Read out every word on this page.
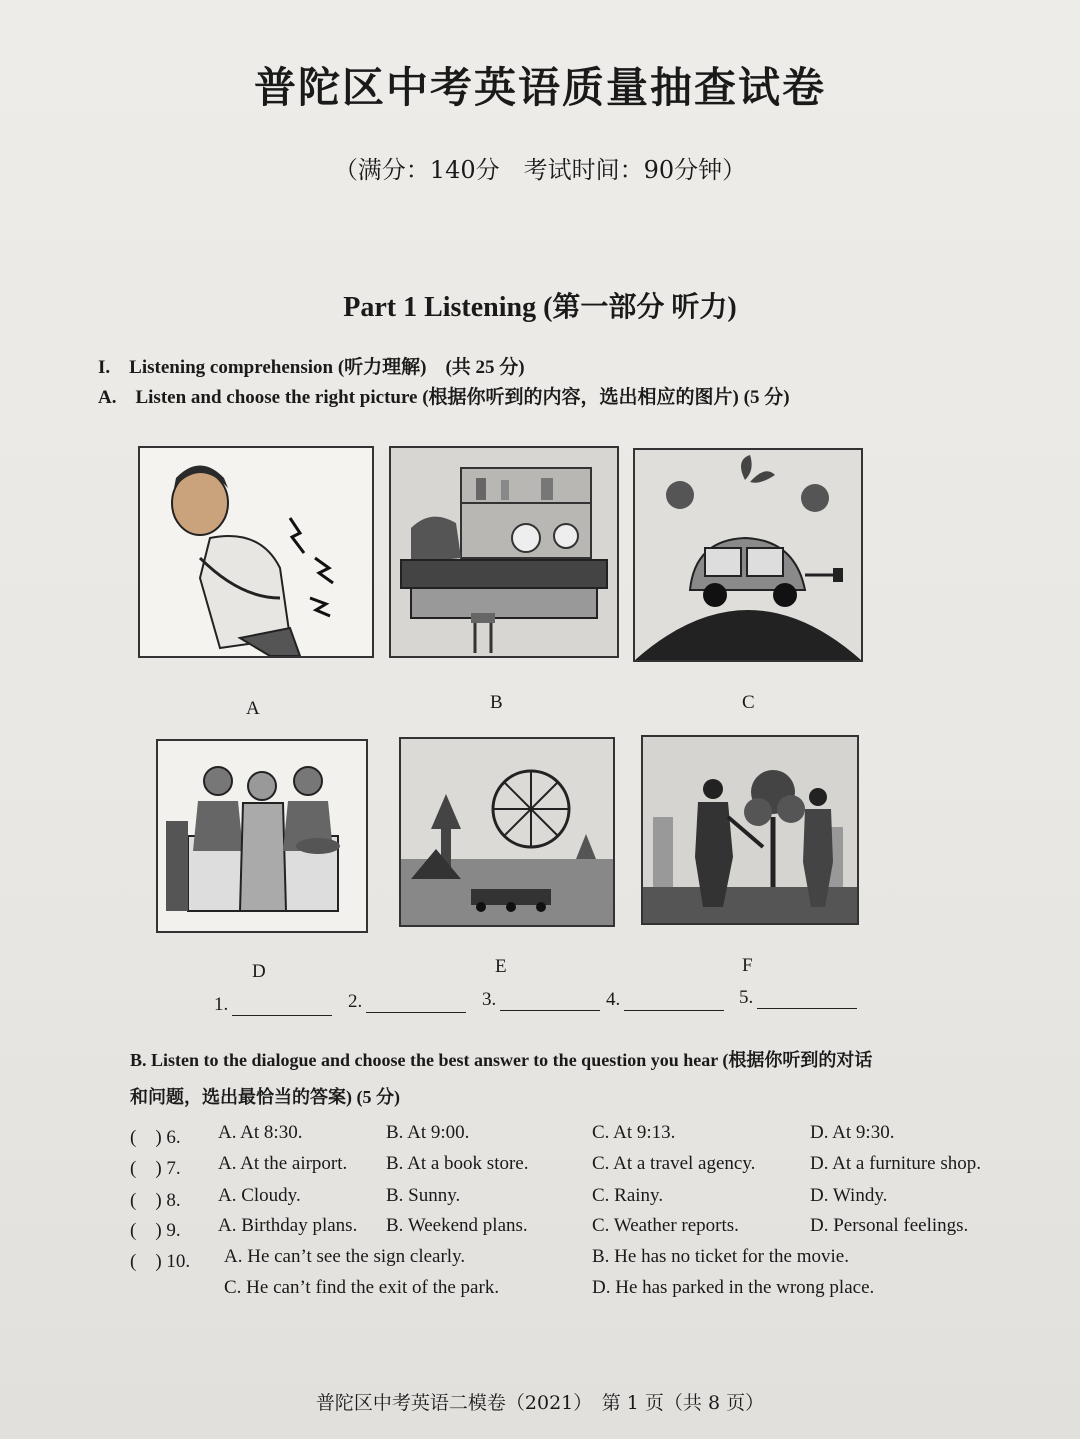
普陀区中考英语质量抽查试卷
（满分：140分　考试时间：90分钟）
Part 1 Listening (第一部分 听力)
I.　Listening comprehension (听力理解)　(共 25 分)
A.　Listen and choose the right picture (根据你听到的内容，选出相应的图片) (5 分)
A	B	C
D	E	F
1.	2.	3.	4.	5.
B. Listen to the dialogue and choose the best answer to the question you hear (根据你听到的对话
和问题，选出最恰当的答案) (5 分)
(　) 6. A. At 8:30.	B. At 9:00.	C. At 9:13.	D. At 9:30.
(　) 7. A. At the airport. B. At a book store.	C. At a travel agency.	D. At a furniture shop.
(　) 8. A. Cloudy.	B. Sunny.	C. Rainy.	D. Windy.
(　) 9. A. Birthday plans. B. Weekend plans.	C. Weather reports.	D. Personal feelings.
(　) 10. A. He can’t see the sign clearly.	B. He has no ticket for the movie.
C. He can’t find the exit of the park.	D. He has parked in the wrong place.
普陀区中考英语二模卷（2021）　第 1 页（共 8 页）
